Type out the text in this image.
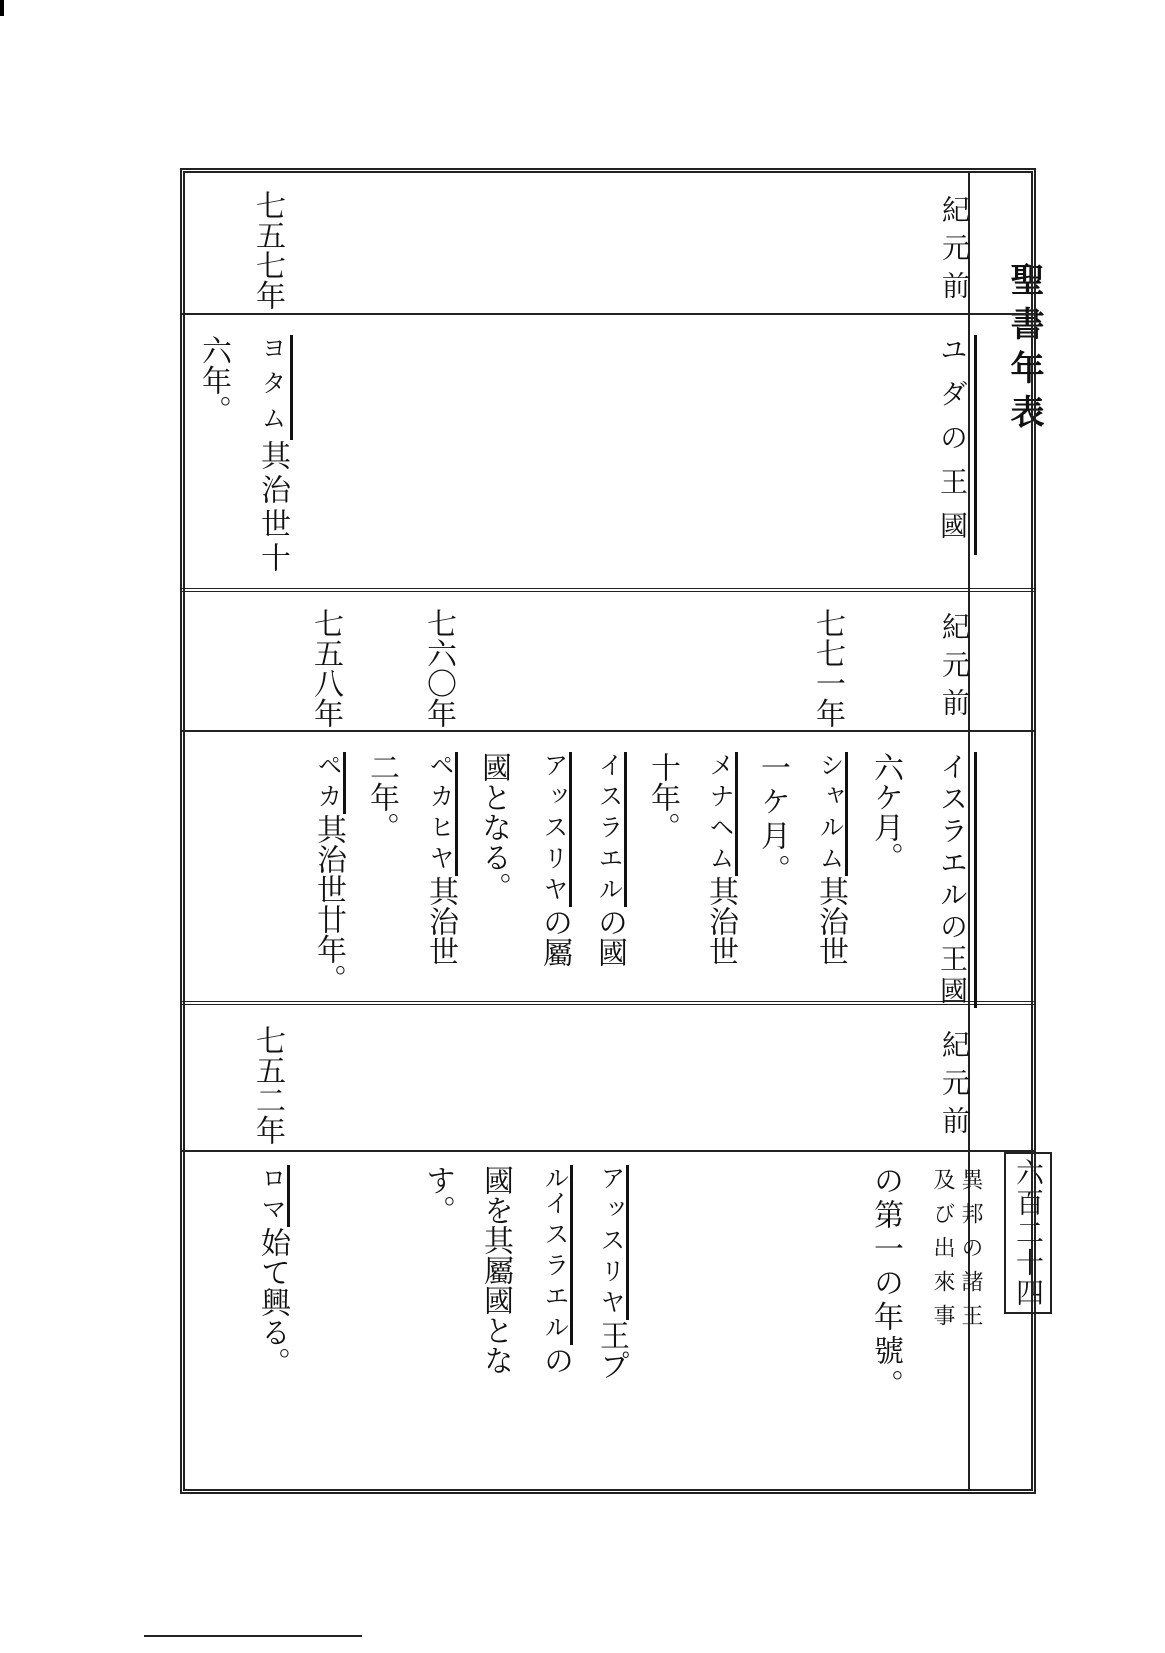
聖書年表
六百二十四
紀元前
ユダの王國
紀元前
イスラエルの王國
紀元前
異邦の諸王
及び出來事
七五七年
ヨタム其治世十
六年。
七七一年
七六〇年
七五八年
六ケ月。
シャルム其治世
一ケ月。
メナヘム其治世
十年。
イスラエルの國
アッスリヤの屬
國となる。
ペカヒヤ其治世
二年。
ペカ其治世廿年。
七五二年
の第一の年號。
アッスリヤ王プ
ルイスラエルの
國を其屬國とな
す。
ロマ始て興る。
